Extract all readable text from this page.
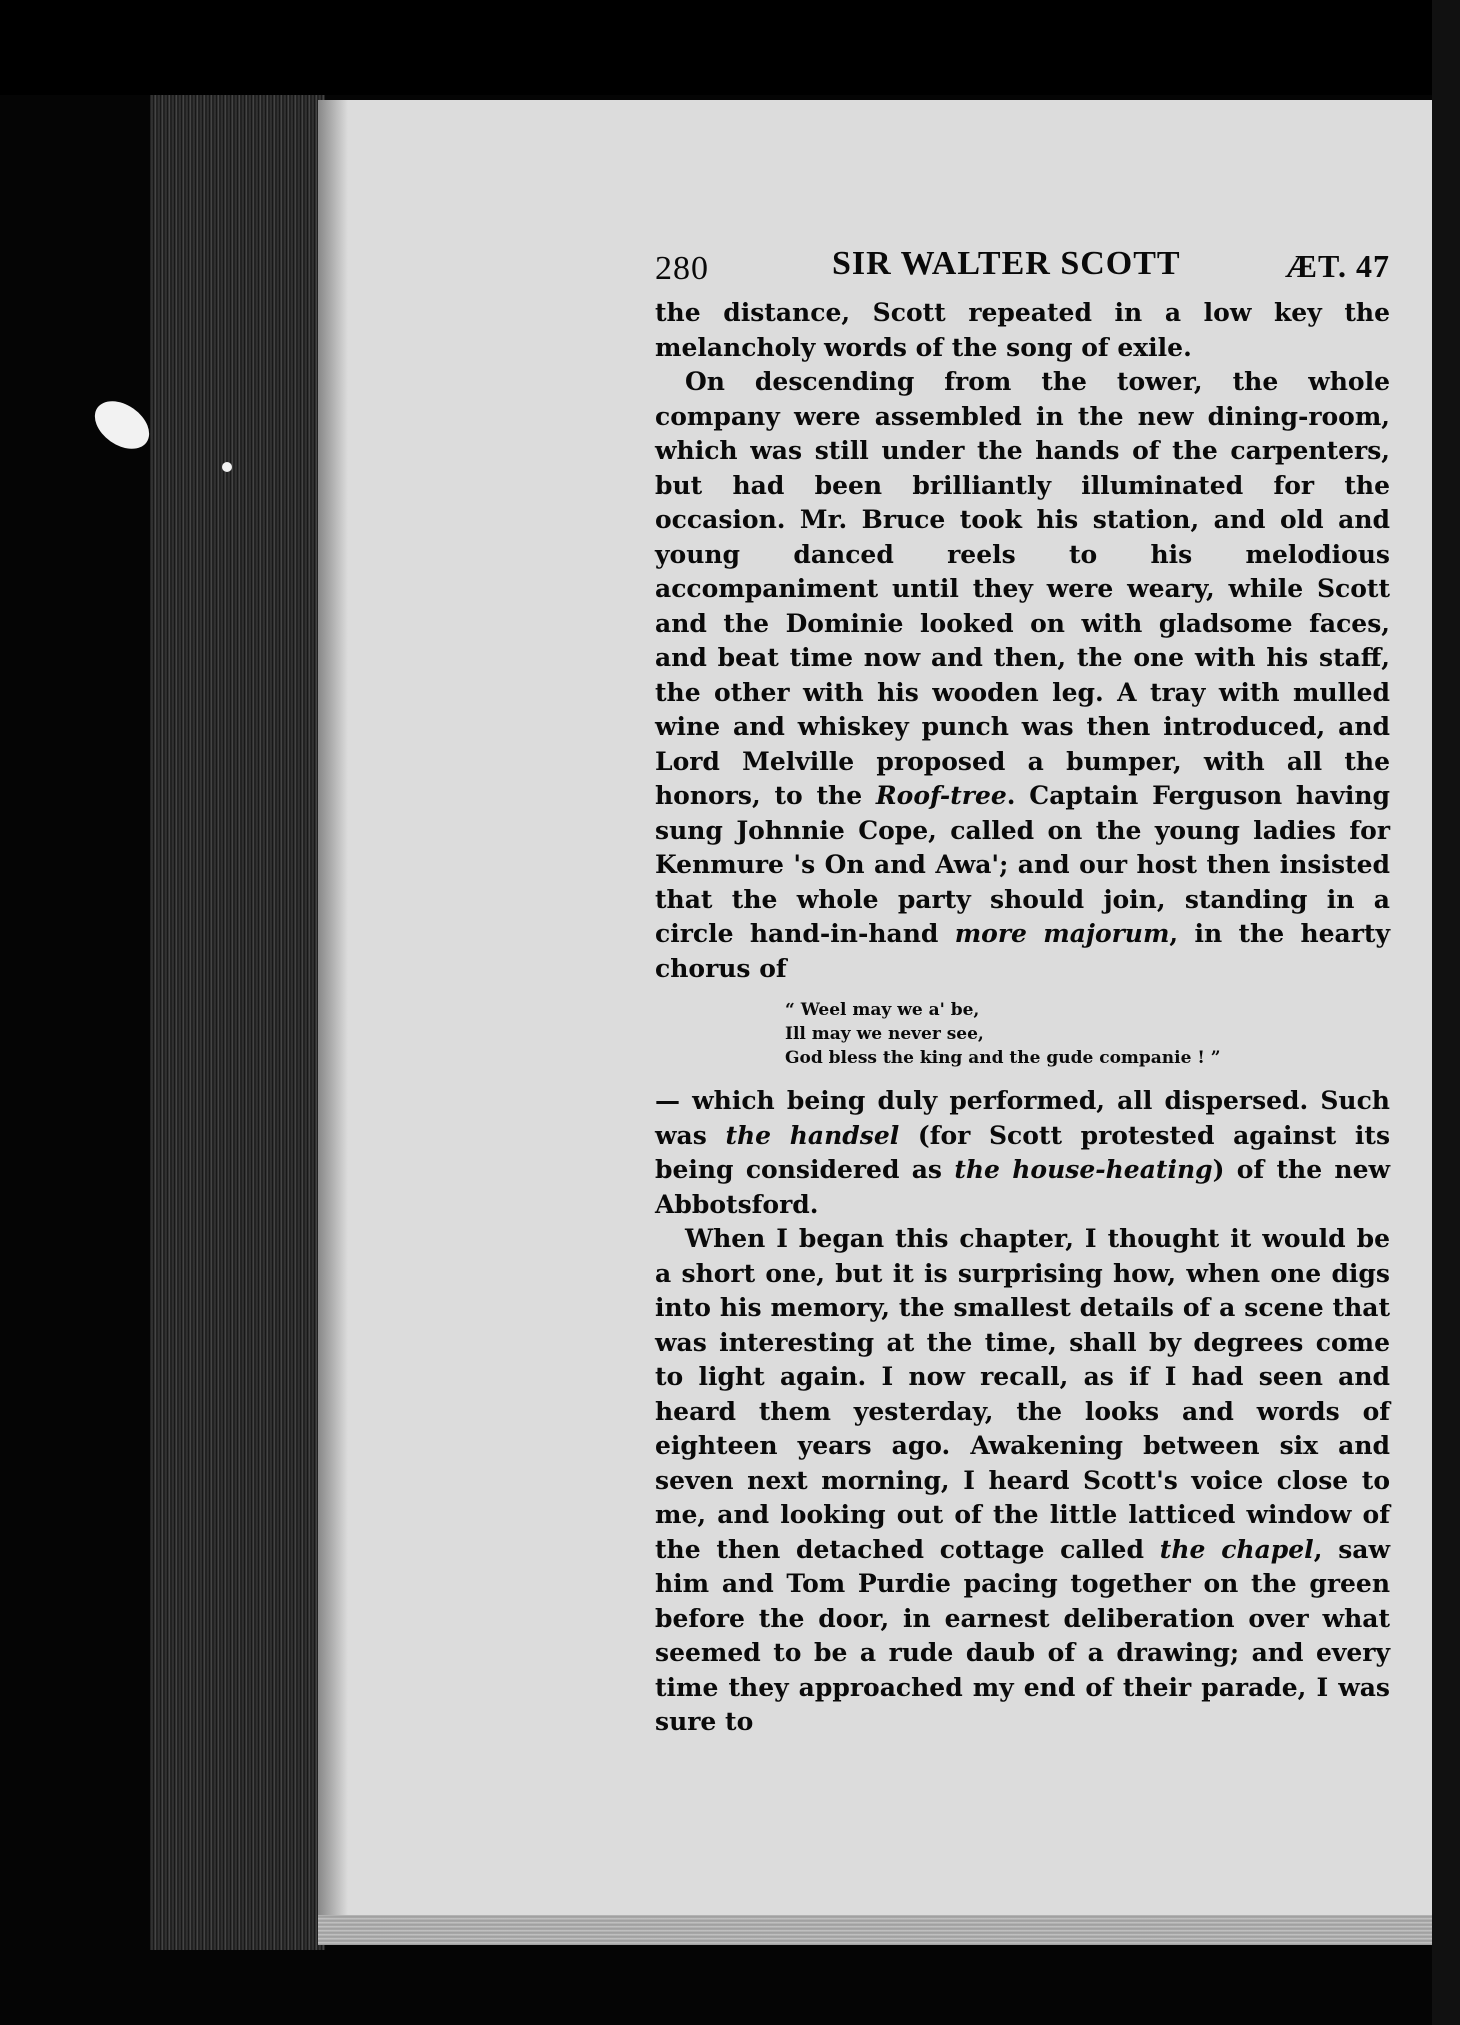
280	SIR WALTER SCOTT	ÆT. 47

the distance, Scott repeated in a low key the melancholy words of the song of exile.

On descending from the tower, the whole company were assembled in the new dining-room, which was still under the hands of the carpenters, but had been brilliantly illuminated for the occasion. Mr. Bruce took his station, and old and young danced reels to his melodious accompaniment until they were weary, while Scott and the Dominie looked on with gladsome faces, and beat time now and then, the one with his staff, the other with his wooden leg. A tray with mulled wine and whiskey punch was then introduced, and Lord Melville proposed a bumper, with all the honors, to the Roof-tree. Captain Ferguson having sung Johnnie Cope, called on the young ladies for Kenmure 's On and Awa'; and our host then insisted that the whole party should join, standing in a circle hand-in-hand more majorum, in the hearty chorus of

“ Weel may we a' be,
Ill may we never see,
God bless the king and the gude companie ! ”

— which being duly performed, all dispersed. Such was the handsel (for Scott protested against its being considered as the house-heating) of the new Abbotsford.

When I began this chapter, I thought it would be a short one, but it is surprising how, when one digs into his memory, the smallest details of a scene that was interesting at the time, shall by degrees come to light again. I now recall, as if I had seen and heard them yesterday, the looks and words of eighteen years ago. Awakening between six and seven next morning, I heard Scott's voice close to me, and looking out of the little latticed window of the then detached cottage called the chapel, saw him and Tom Purdie pacing together on the green before the door, in earnest deliberation over what seemed to be a rude daub of a drawing; and every time they approached my end of their parade, I was sure to
